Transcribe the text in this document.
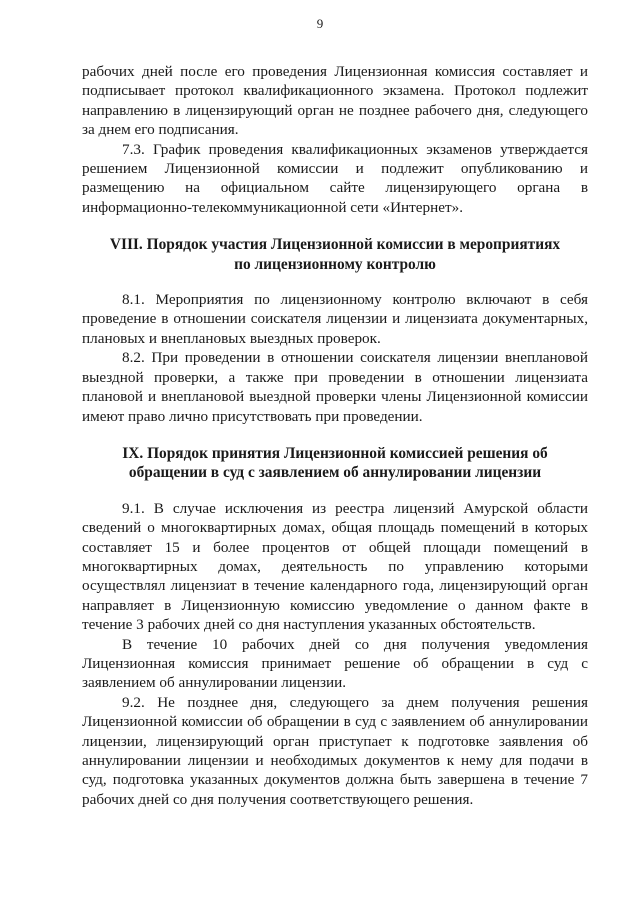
9

рабочих дней после его проведения Лицензионная комиссия составляет и подписывает протокол квалификационного экзамена. Протокол подлежит направлению в лицензирующий орган не позднее рабочего дня, следующего за днем его подписания.

7.3. График проведения квалификационных экзаменов утверждается решением Лицензионной комиссии и подлежит опубликованию и размещению на официальном сайте лицензирующего органа в информационно-телекоммуникационной сети «Интернет».

VIII. Порядок участия Лицензионной комиссии в мероприятиях
по лицензионному контролю

8.1. Мероприятия по лицензионному контролю включают в себя проведение в отношении соискателя лицензии и лицензиата документарных, плановых и внеплановых выездных проверок.

8.2. При проведении в отношении соискателя лицензии внеплановой выездной проверки, а также при проведении в отношении лицензиата плановой и внеплановой выездной проверки члены Лицензионной комиссии имеют право лично присутствовать при проведении.

IX. Порядок принятия Лицензионной комиссией решения об
обращении в суд с заявлением об аннулировании лицензии

9.1. В случае исключения из реестра лицензий Амурской области сведений о многоквартирных домах, общая площадь помещений в которых составляет 15 и более процентов от общей площади помещений в многоквартирных домах, деятельность по управлению которыми осуществлял лицензиат в течение календарного года, лицензирующий орган направляет в Лицензионную комиссию уведомление о данном факте в течение 3 рабочих дней со дня наступления указанных обстоятельств.

В течение 10 рабочих дней со дня получения уведомления Лицензионная комиссия принимает решение об обращении в суд с заявлением об аннулировании лицензии.

9.2. Не позднее дня, следующего за днем получения решения Лицензионной комиссии об обращении в суд с заявлением об аннулировании лицензии, лицензирующий орган приступает к подготовке заявления об аннулировании лицензии и необходимых документов к нему для подачи в суд, подготовка указанных документов должна быть завершена в течение 7 рабочих дней со дня получения соответствующего решения.
